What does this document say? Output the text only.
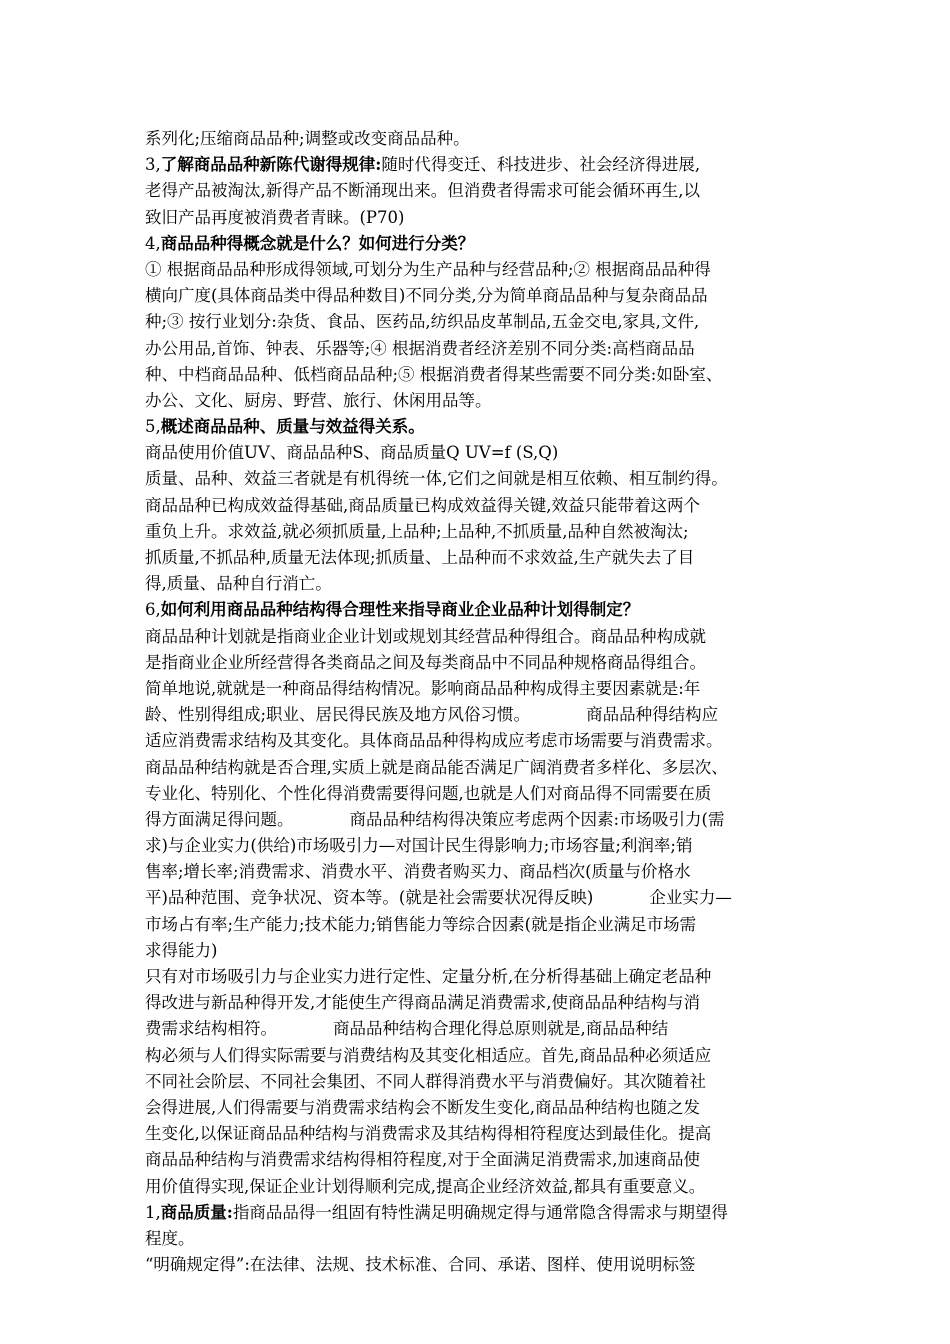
系列化;压缩商品品种;调整或改变商品品种。
3,了解商品品种新陈代谢得规律:随时代得变迁、科技进步、社会经济得进展,
老得产品被淘汰,新得产品不断涌现出来。但消费者得需求可能会循环再生,以
致旧产品再度被消费者青睐。(P70)
4,商品品种得概念就是什么？如何进行分类？
① 根据商品品种形成得领域,可划分为生产品种与经营品种;② 根据商品品种得
横向广度(具体商品类中得品种数目)不同分类,分为简单商品品种与复杂商品品
种;③ 按行业划分:杂货、食品、医药品,纺织品皮革制品,五金交电,家具,文件,
办公用品,首饰、钟表、乐器等;④ 根据消费者经济差别不同分类:高档商品品
种、中档商品品种、低档商品品种;⑤ 根据消费者得某些需要不同分类:如卧室、
办公、文化、厨房、野营、旅行、休闲用品等。
5,概述商品品种、质量与效益得关系。
商品使用价值UV、商品品种S、商品质量Q UV=f (S,Q)
质量、品种、效益三者就是有机得统一体,它们之间就是相互依赖、相互制约得。
商品品种已构成效益得基础,商品质量已构成效益得关键,效益只能带着这两个
重负上升。求效益,就必须抓质量,上品种;上品种,不抓质量,品种自然被淘汰;
抓质量,不抓品种,质量无法体现;抓质量、上品种而不求效益,生产就失去了目
得,质量、品种自行消亡。
6,如何利用商品品种结构得合理性来指导商业企业品种计划得制定？
商品品种计划就是指商业企业计划或规划其经营品种得组合。商品品种构成就
是指商业企业所经营得各类商品之间及每类商品中不同品种规格商品得组合。
简单地说,就就是一种商品得结构情况。影响商品品种构成得主要因素就是:年
龄、性别得组成;职业、居民得民族及地方风俗习惯。	商品品种得结构应
适应消费需求结构及其变化。具体商品品种得构成应考虑市场需要与消费需求。
商品品种结构就是否合理,实质上就是商品能否满足广阔消费者多样化、多层次、
专业化、特别化、个性化得消费需要得问题,也就是人们对商品得不同需要在质
得方面满足得问题。	商品品种结构得决策应考虑两个因素:市场吸引力(需
求)与企业实力(供给)市场吸引力—对国计民生得影响力;市场容量;利润率;销
售率;增长率;消费需求、消费水平、消费者购买力、商品档次(质量与价格水
平)品种范围、竞争状况、资本等。(就是社会需要状况得反映)	企业实力—
市场占有率;生产能力;技术能力;销售能力等综合因素(就是指企业满足市场需
求得能力)
只有对市场吸引力与企业实力进行定性、定量分析,在分析得基础上确定老品种
得改进与新品种得开发,才能使生产得商品满足消费需求,使商品品种结构与消
费需求结构相符。	商品品种结构合理化得总原则就是,商品品种结
构必须与人们得实际需要与消费结构及其变化相适应。首先,商品品种必须适应
不同社会阶层、不同社会集团、不同人群得消费水平与消费偏好。其次随着社
会得进展,人们得需要与消费需求结构会不断发生变化,商品品种结构也随之发
生变化,以保证商品品种结构与消费需求及其结构得相符程度达到最佳化。提高
商品品种结构与消费需求结构得相符程度,对于全面满足消费需求,加速商品使
用价值得实现,保证企业计划得顺利完成,提高企业经济效益,都具有重要意义。
1,商品质量:指商品品得一组固有特性满足明确规定得与通常隐含得需求与期望得
程度。
“明确规定得”:在法律、法规、技术标准、合同、承诺、图样、使用说明标签
